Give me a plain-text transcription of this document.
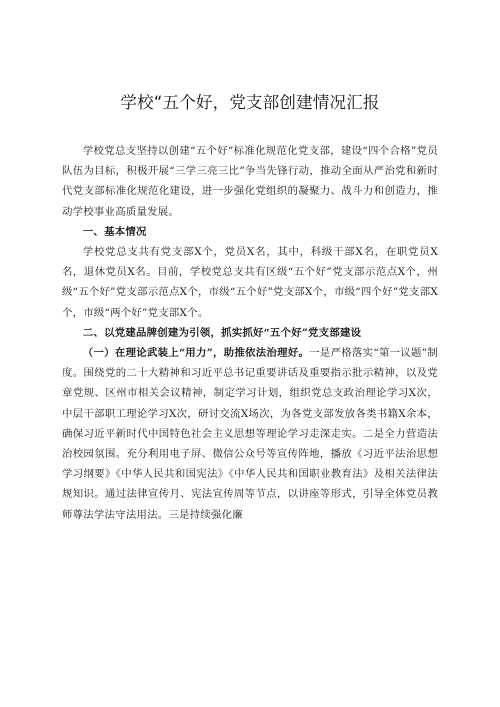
学校“五个好，党支部创建情况汇报

学校党总支坚持以创建“五个好”标准化规范化党支部，建设“四个合格”党员队伍为目标，积极开展“三学三亮三比”争当先锋行动，推动全面从严治党和新时代党支部标准化规范化建设，进一步强化党组织的凝聚力、战斗力和创造力，推动学校事业高质量发展。

一、基本情况

学校党总支共有党支部X个，党员X名，其中，科级干部X名，在职党员X名，退休党员X名。目前，学校党总支共有区级“五个好”党支部示范点X个，州级“五个好”党支部示范点X个，市级“五个好”党支部X个，市级“四个好”党支部X个，市级“两个好”党支部X个。

二、以党建品牌创建为引领，抓实抓好“五个好”党支部建设

（一）在理论武装上“用力”，助推依法治理好。一是严格落实“第一议题”制度。围绕党的二十大精神和习近平总书记重要讲话及重要指示批示精神，以及党章党规、区州市相关会议精神，制定学习计划，组织党总支政治理论学习X次，中层干部职工理论学习X次，研讨交流X场次，为各党支部发放各类书籍X余本，确保习近平新时代中国特色社会主义思想等理论学习走深走实。二是全力营造法治校园氛围。充分利用电子屏、微信公众号等宣传阵地，播放《习近平法治思想学习纲要》《中华人民共和国宪法》《中华人民共和国职业教育法》及相关法律法规知识。通过法律宣传月、宪法宣传周等节点，以讲座等形式，引导全体党员教师尊法学法守法用法。三是持续强化廉
